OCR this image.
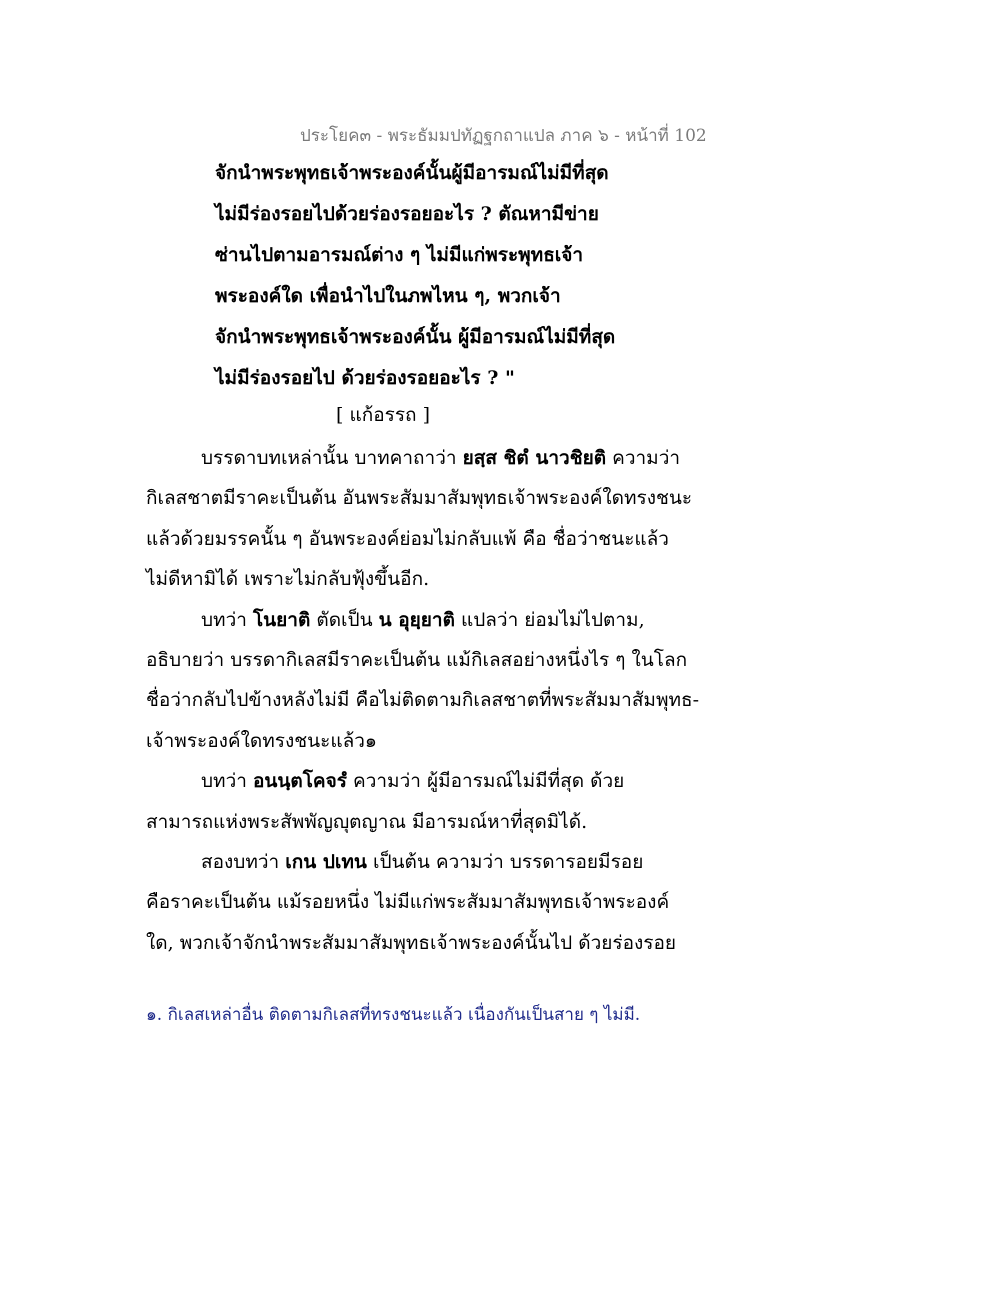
ประโยค๓ - พระธัมมปทัฏฐกถาแปล ภาค ๖ - หน้าที่ 102
จักนำพระพุทธเจ้าพระองค์นั้นผู้มีอารมณ์ไม่มีที่สุด
ไม่มีร่องรอยไปด้วยร่องรอยอะไร ? ตัณหามีข่าย
ซ่านไปตามอารมณ์ต่าง ๆ ไม่มีแก่พระพุทธเจ้า
พระองค์ใด เพื่อนำไปในภพไหน ๆ, พวกเจ้า
จักนำพระพุทธเจ้าพระองค์นั้น ผู้มีอารมณ์ไม่มีที่สุด
ไม่มีร่องรอยไป ด้วยร่องรอยอะไร ? "
[ แก้อรรถ ]
บรรดาบทเหล่านั้น บาทคาถาว่า ยสฺส ชิตํ นาวชิยติ ความว่า
กิเลสชาตมีราคะเป็นต้น อันพระสัมมาสัมพุทธเจ้าพระองค์ใดทรงชนะ
แล้วด้วยมรรคนั้น ๆ อันพระองค์ย่อมไม่กลับแพ้ คือ ชื่อว่าชนะแล้ว
ไม่ดีหามิได้ เพราะไม่กลับฟุ้งขึ้นอีก.
บทว่า โนยาติ ตัดเป็น น อุยฺยาติ แปลว่า ย่อมไม่ไปตาม,
อธิบายว่า บรรดากิเลสมีราคะเป็นต้น แม้กิเลสอย่างหนึ่งไร ๆ ในโลก
ชื่อว่ากลับไปข้างหลังไม่มี คือไม่ติดตามกิเลสชาตที่พระสัมมาสัมพุทธ-
เจ้าพระองค์ใดทรงชนะแล้ว๑
บทว่า อนนฺตโคจรํ ความว่า ผู้มีอารมณ์ไม่มีที่สุด ด้วย
สามารถแห่งพระสัพพัญญุตญาณ มีอารมณ์หาที่สุดมิได้.
สองบทว่า เกน ปเทน เป็นต้น ความว่า บรรดารอยมีรอย
คือราคะเป็นต้น แม้รอยหนึ่ง ไม่มีแก่พระสัมมาสัมพุทธเจ้าพระองค์
ใด, พวกเจ้าจักนำพระสัมมาสัมพุทธเจ้าพระองค์นั้นไป ด้วยร่องรอย
๑. กิเลสเหล่าอื่น ติดตามกิเลสที่ทรงชนะแล้ว เนื่องกันเป็นสาย ๆ ไม่มี.
